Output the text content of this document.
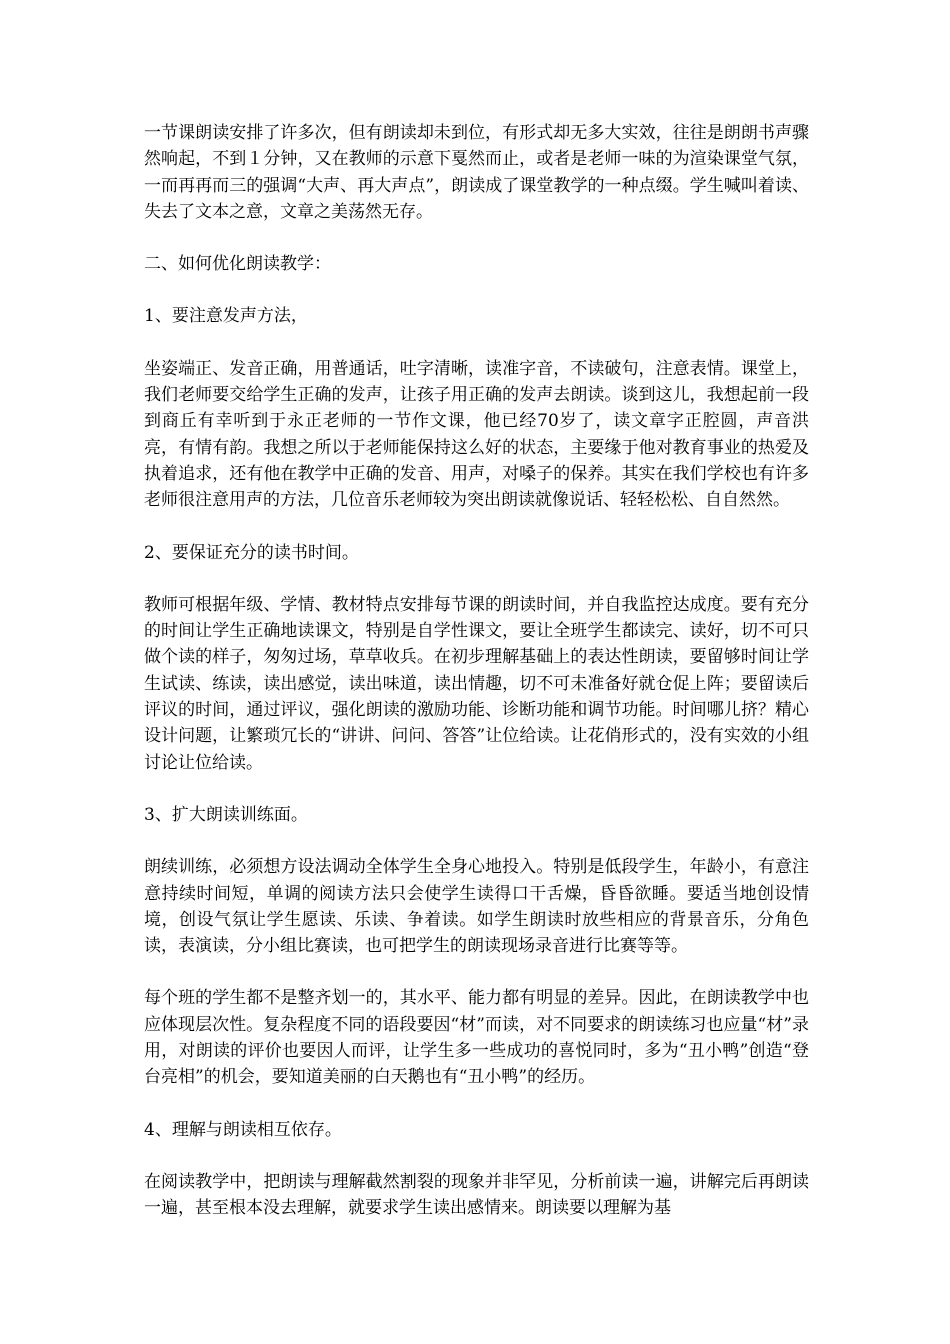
一节课朗读安排了许多次，但有朗读却未到位，有形式却无多大实效，往往是朗朗书声骤然响起，不到１分钟，又在教师的示意下戛然而止，或者是老师一味的为渲染课堂气氛，一而再再而三的强调“大声、再大声点”，朗读成了课堂教学的一种点缀。学生喊叫着读、失去了文本之意，文章之美荡然无存。

二、如何优化朗读教学：

1、要注意发声方法，

坐姿端正、发音正确，用普通话，吐字清晰，读准字音，不读破句，注意表情。课堂上，我们老师要交给学生正确的发声，让孩子用正确的发声去朗读。谈到这儿，我想起前一段到商丘有幸听到于永正老师的一节作文课，他已经70岁了，读文章字正腔圆，声音洪亮，有情有韵。我想之所以于老师能保持这么好的状态，主要缘于他对教育事业的热爱及执着追求，还有他在教学中正确的发音、用声，对嗓子的保养。其实在我们学校也有许多老师很注意用声的方法，几位音乐老师较为突出朗读就像说话、轻轻松松、自自然然。

2、要保证充分的读书时间。

教师可根据年级、学情、教材特点安排每节课的朗读时间，并自我监控达成度。要有充分的时间让学生正确地读课文，特别是自学性课文，要让全班学生都读完、读好，切不可只做个读的样子，匆匆过场，草草收兵。在初步理解基础上的表达性朗读，要留够时间让学生试读、练读，读出感觉，读出味道，读出情趣，切不可未准备好就仓促上阵；要留读后评议的时间，通过评议，强化朗读的激励功能、诊断功能和调节功能。时间哪儿挤？精心设计问题，让繁琐冗长的“讲讲、问问、答答”让位给读。让花俏形式的，没有实效的小组讨论让位给读。

3、扩大朗读训练面。

朗续训练，必须想方设法调动全体学生全身心地投入。特别是低段学生，年龄小，有意注意持续时间短，单调的阅读方法只会使学生读得口干舌燥，昏昏欲睡。要适当地创设情境，创设气氛让学生愿读、乐读、争着读。如学生朗读时放些相应的背景音乐，分角色读，表演读，分小组比赛读，也可把学生的朗读现场录音进行比赛等等。

每个班的学生都不是整齐划一的，其水平、能力都有明显的差异。因此，在朗读教学中也应体现层次性。复杂程度不同的语段要因“材”而读，对不同要求的朗读练习也应量“材”录用，对朗读的评价也要因人而评，让学生多一些成功的喜悦同时，多为“丑小鸭”创造“登台亮相”的机会，要知道美丽的白天鹅也有“丑小鸭”的经历。

4、理解与朗读相互依存。

在阅读教学中，把朗读与理解截然割裂的现象并非罕见，分析前读一遍，讲解完后再朗读一遍，甚至根本没去理解，就要求学生读出感情来。朗读要以理解为基
